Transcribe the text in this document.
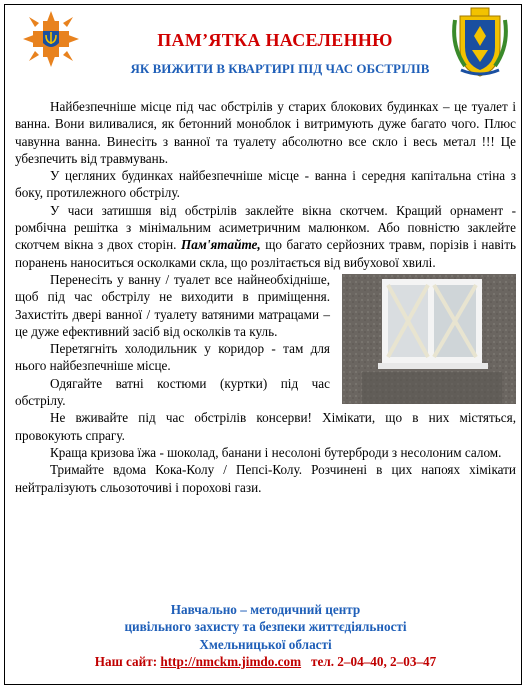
ПАМ’ЯТКА НАСЕЛЕННЮ
ЯК ВИЖИТИ В КВАРТИРІ ПІД ЧАС ОБСТРІЛІВ

Найбезпечніше місце під час обстрілів у старих блокових будинках – це туалет і ванна. Вони виливалися, як бетонний моноблок і витримують дуже багато чого. Плюс чавунна ванна. Винесіть з ванної та туалету абсолютно все скло і весь метал !!! Це убезпечить від травмувань.

У цегляних будинках найбезпечніше місце - ванна і середня капітальна стіна з боку, протилежного обстрілу.

У часи затишшя від обстрілів заклейте вікна скотчем. Кращий орнамент - ромбічна решітка з мінімальним асиметричним малюнком. Або повністю заклейте скотчем вікна з двох сторін. Пам'ятайте, що багато серйозних травм, порізів і навіть поранень наноситься осколками скла, що розлітається від вибухової хвилі.

Перенесіть у ванну / туалет все найнеобхідніше, щоб під час обстрілу не виходити в приміщення. Захистіть двері ванної / туалету ватяними матрацами – це дуже ефективний засіб від осколків та куль.

Перетягніть холодильник у коридор - там для нього найбезпечніше місце.

Одягайте ватні костюми (куртки) під час обстрілу.

Не вживайте під час обстрілів консерви! Хімікати, що в них містяться, провокують спрагу.

Краща кризова їжа - шоколад, банани і несолоні бутерброди з несолоним салом.

Тримайте вдома Кока-Колу / Пепсі-Колу. Розчинені в цих напоях хімікати нейтралізують сльозоточиві і порохові гази.

Навчально – методичний центр
цивільного захисту та безпеки життєдіяльності
Хмельницької області
Наш сайт: http://nmckm.jimdo.com тел. 2–04–40, 2–03–47
